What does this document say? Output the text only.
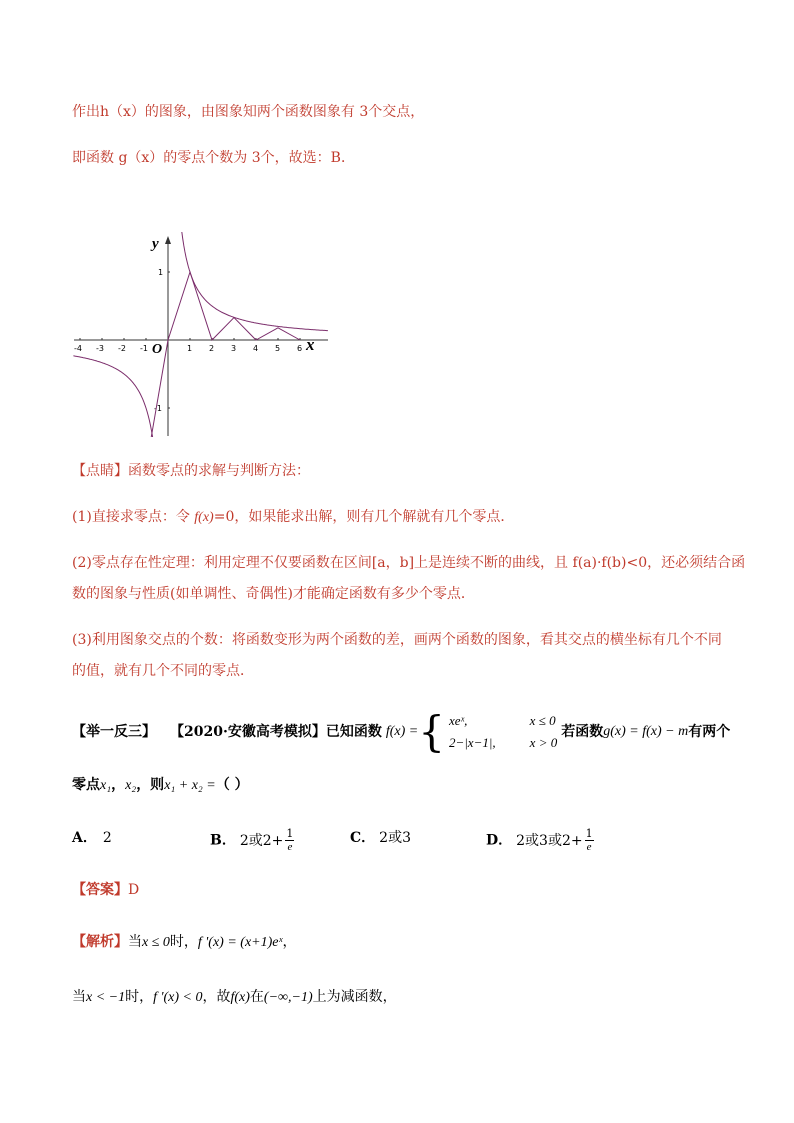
作出h（x）的图象，由图象知两个函数图象有 3个交点，
即函数 g（x）的零点个数为 3个，故选：B．
-4 -3 -2 -1	1 2 3 4 5 6
1
-1
y
x
O
【点睛】函数零点的求解与判断方法：
(1)直接求零点：令 f(x)=0，如果能求出解，则有几个解就有几个零点．
(2)零点存在性定理：利用定理不仅要函数在区间[a，b]上是连续不断的曲线，且 f(a)·f(b)<0，还必须结合函
数的图象与性质(如单调性、奇偶性)才能确定函数有多少个零点．
(3)利用图象交点的个数：将函数变形为两个函数的差，画两个函数的图象，看其交点的横坐标有几个不同
的值，就有几个不同的零点．
【举一反三】 【2020·安徽高考模拟】 已知函数 f(x) = { xeˣ,	x ≤ 0
2−|x−1|,	x > 0
若函数 g(x) = f(x) − m 有两个
零点x₁，x₂，则x₁ + x₂ =（ ）
A． 2	B． 2或$2+ \frac{1}{e}$	C． 2或3	D． 2或3或$2+ \frac{1}{e}$
【答案】D
【解析】当x ≤ 0时，f '(x) = (x+1)eˣ，
当x < −1时，f '(x) < 0，故f(x)在(−∞,−1)上为减函数，
